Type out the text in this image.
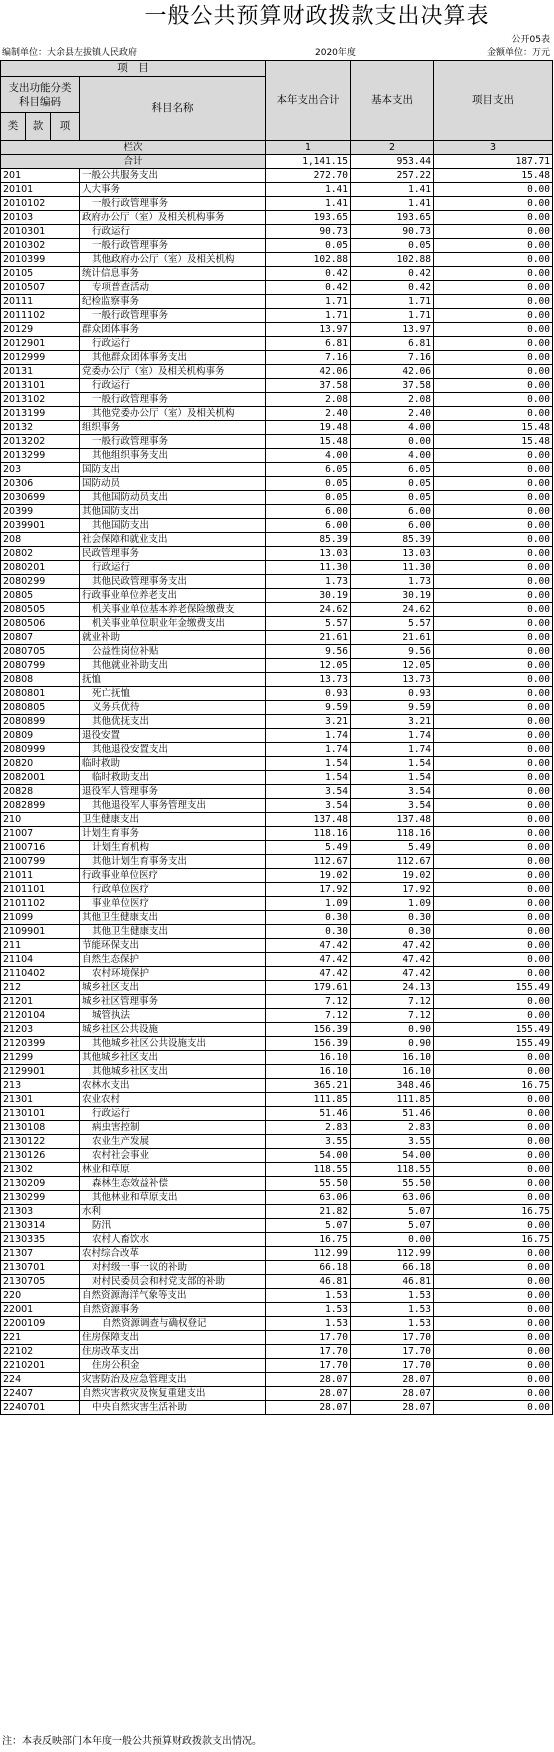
一般公共预算财政拨款支出决算表
公开05表
编制单位：大余县左拔镇人民政府	2020年度	金额单位：万元
项　目				本年支出合计	基本支出	项目支出
支出功能分类
科目编码			科目名称			

类	款	项				
栏次				1	2	3
合计				1,141.15	953.44	187.71
201			一般公共服务支出	272.70	257.22	15.48
20101			人大事务	1.41	1.41	0.00
2010102			一般行政管理事务	1.41	1.41	0.00
20103			政府办公厅（室）及相关机构事务	193.65	193.65	0.00
2010301			行政运行	90.73	90.73	0.00
2010302			一般行政管理事务	0.05	0.05	0.00
2010399			其他政府办公厅（室）及相关机构	102.88	102.88	0.00
20105			统计信息事务	0.42	0.42	0.00
2010507			专项普查活动	0.42	0.42	0.00
20111			纪检监察事务	1.71	1.71	0.00
2011102			一般行政管理事务	1.71	1.71	0.00
20129			群众团体事务	13.97	13.97	0.00
2012901			行政运行	6.81	6.81	0.00
2012999			其他群众团体事务支出	7.16	7.16	0.00
20131			党委办公厅（室）及相关机构事务	42.06	42.06	0.00
2013101			行政运行	37.58	37.58	0.00
2013102			一般行政管理事务	2.08	2.08	0.00
2013199			其他党委办公厅（室）及相关机构	2.40	2.40	0.00
20132			组织事务	19.48	4.00	15.48
2013202			一般行政管理事务	15.48	0.00	15.48
2013299			其他组织事务支出	4.00	4.00	0.00
203			国防支出	6.05	6.05	0.00
20306			国防动员	0.05	0.05	0.00
2030699			其他国防动员支出	0.05	0.05	0.00
20399			其他国防支出	6.00	6.00	0.00
2039901			其他国防支出	6.00	6.00	0.00
208			社会保障和就业支出	85.39	85.39	0.00
20802			民政管理事务	13.03	13.03	0.00
2080201			行政运行	11.30	11.30	0.00
2080299			其他民政管理事务支出	1.73	1.73	0.00
20805			行政事业单位养老支出	30.19	30.19	0.00
2080505			机关事业单位基本养老保险缴费支	24.62	24.62	0.00
2080506			机关事业单位职业年金缴费支出	5.57	5.57	0.00
20807			就业补助	21.61	21.61	0.00
2080705			公益性岗位补贴	9.56	9.56	0.00
2080799			其他就业补助支出	12.05	12.05	0.00
20808			抚恤	13.73	13.73	0.00
2080801			死亡抚恤	0.93	0.93	0.00
2080805			义务兵优待	9.59	9.59	0.00
2080899			其他优抚支出	3.21	3.21	0.00
20809			退役安置	1.74	1.74	0.00
2080999			其他退役安置支出	1.74	1.74	0.00
20820			临时救助	1.54	1.54	0.00
2082001			临时救助支出	1.54	1.54	0.00
20828			退役军人管理事务	3.54	3.54	0.00
2082899			其他退役军人事务管理支出	3.54	3.54	0.00
210			卫生健康支出	137.48	137.48	0.00
21007			计划生育事务	118.16	118.16	0.00
2100716			计划生育机构	5.49	5.49	0.00
2100799			其他计划生育事务支出	112.67	112.67	0.00
21011			行政事业单位医疗	19.02	19.02	0.00
2101101			行政单位医疗	17.92	17.92	0.00
2101102			事业单位医疗	1.09	1.09	0.00
21099			其他卫生健康支出	0.30	0.30	0.00
2109901			其他卫生健康支出	0.30	0.30	0.00
211			节能环保支出	47.42	47.42	0.00
21104			自然生态保护	47.42	47.42	0.00
2110402			农村环境保护	47.42	47.42	0.00
212			城乡社区支出	179.61	24.13	155.49
21201			城乡社区管理事务	7.12	7.12	0.00
2120104			城管执法	7.12	7.12	0.00
21203			城乡社区公共设施	156.39	0.90	155.49
2120399			其他城乡社区公共设施支出	156.39	0.90	155.49
21299			其他城乡社区支出	16.10	16.10	0.00
2129901			其他城乡社区支出	16.10	16.10	0.00
213			农林水支出	365.21	348.46	16.75
21301			农业农村	111.85	111.85	0.00
2130101			行政运行	51.46	51.46	0.00
2130108			病虫害控制	2.83	2.83	0.00
2130122			农业生产发展	3.55	3.55	0.00
2130126			农村社会事业	54.00	54.00	0.00
21302			林业和草原	118.55	118.55	0.00
2130209			森林生态效益补偿	55.50	55.50	0.00
2130299			其他林业和草原支出	63.06	63.06	0.00
21303			水利	21.82	5.07	16.75
2130314			防汛	5.07	5.07	0.00
2130335			农村人畜饮水	16.75	0.00	16.75
21307			农村综合改革	112.99	112.99	0.00
2130701			对村级一事一议的补助	66.18	66.18	0.00
2130705			对村民委员会和村党支部的补助	46.81	46.81	0.00
220			自然资源海洋气象等支出	1.53	1.53	0.00
22001			自然资源事务	1.53	1.53	0.00
2200109			自然资源调查与确权登记	1.53	1.53	0.00
221			住房保障支出	17.70	17.70	0.00
22102			住房改革支出	17.70	17.70	0.00
2210201			住房公积金	17.70	17.70	0.00
224			灾害防治及应急管理支出	28.07	28.07	0.00
22407			自然灾害救灾及恢复重建支出	28.07	28.07	0.00
2240701			中央自然灾害生活补助	28.07	28.07	0.00
注：本表反映部门本年度一般公共预算财政拨款支出情况。
